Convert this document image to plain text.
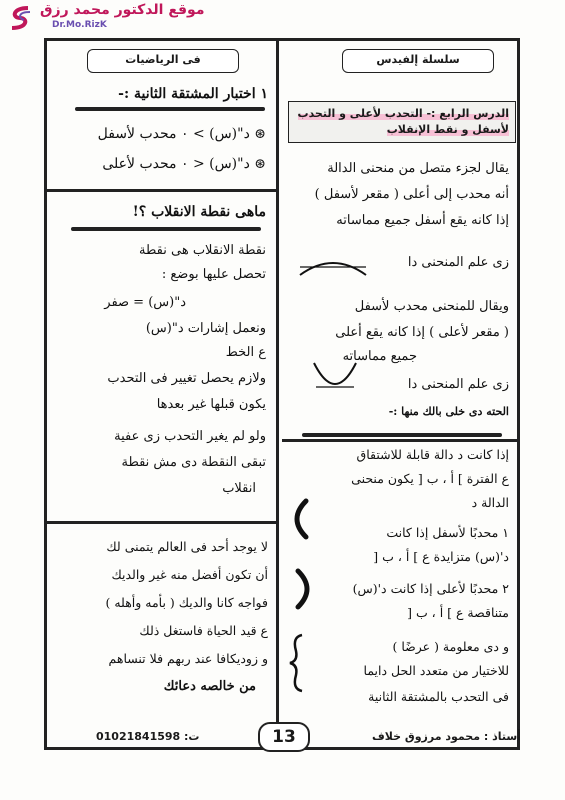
موقع الدكتور محمد رزق
Dr.Mo.RizK
فى الرياضيات
١ اختبار المشتقة الثانية :-
⊛ د"(س) > ٠ محدب لأسفل
⊛ د"(س) < ٠ محدب لأعلى
ماهى نقطة الانقلاب ؟!
نقطة الانقلاب هى نقطة
تحصل عليها بوضع :
د"(س) = صفر
ونعمل إشارات د"(س)
ع الخط
ولازم يحصل تغيير فى التحدب
يكون قبلها غير بعدها
ولو لم يغير التحدب زى عفية
تبقى النقطة دى مش نقطة
انقلاب
لا يوجد أحد فى العالم يتمنى لك
أن تكون أفضل منه غير والديك
فواجه كانا والديك ( بأمه وأهله )
ع قيد الحياة فاستغل ذلك
و زوديكافا عند ربهم فلا تنساهم
من خالصه دعائك
سلسلة إلفيدس
الدرس الرابع :- التحدب لأعلى و التحدب
لأسفل و نقط الإنقلاب
يقال لجزء متصل من منحنى الدالة
أنه محدب إلى أعلى ( مقعر لأسفل )
إذا كانه يقع أسفل جميع مماساته
زى علم المنحنى دا
ويقال للمنحنى محدب لأسفل
( مقعر لأعلى ) إذا كانه يقع أعلى
جميع مماساته
زى علم المنحنى دا
الحته دى خلى بالك منها :-
إذا كانت د دالة قابلة للاشتقاق
ع الفترة ] أ ، ب [ يكون منحنى
الدالة د
١ محدبًا لأسفل إذا كانت
د'(س) متزايدة ع ] أ ، ب [
٢ محدبًا لأعلى إذا كانت د'(س)
متناقصة ع ] أ ، ب [
و دى معلومة ( عرضًا )
للاختيار من متعدد الحل دايما
فى التحدب بالمشتقة الثانية
01021841598 :ت	13	أستاذ : محمود مرزوق خلاف
